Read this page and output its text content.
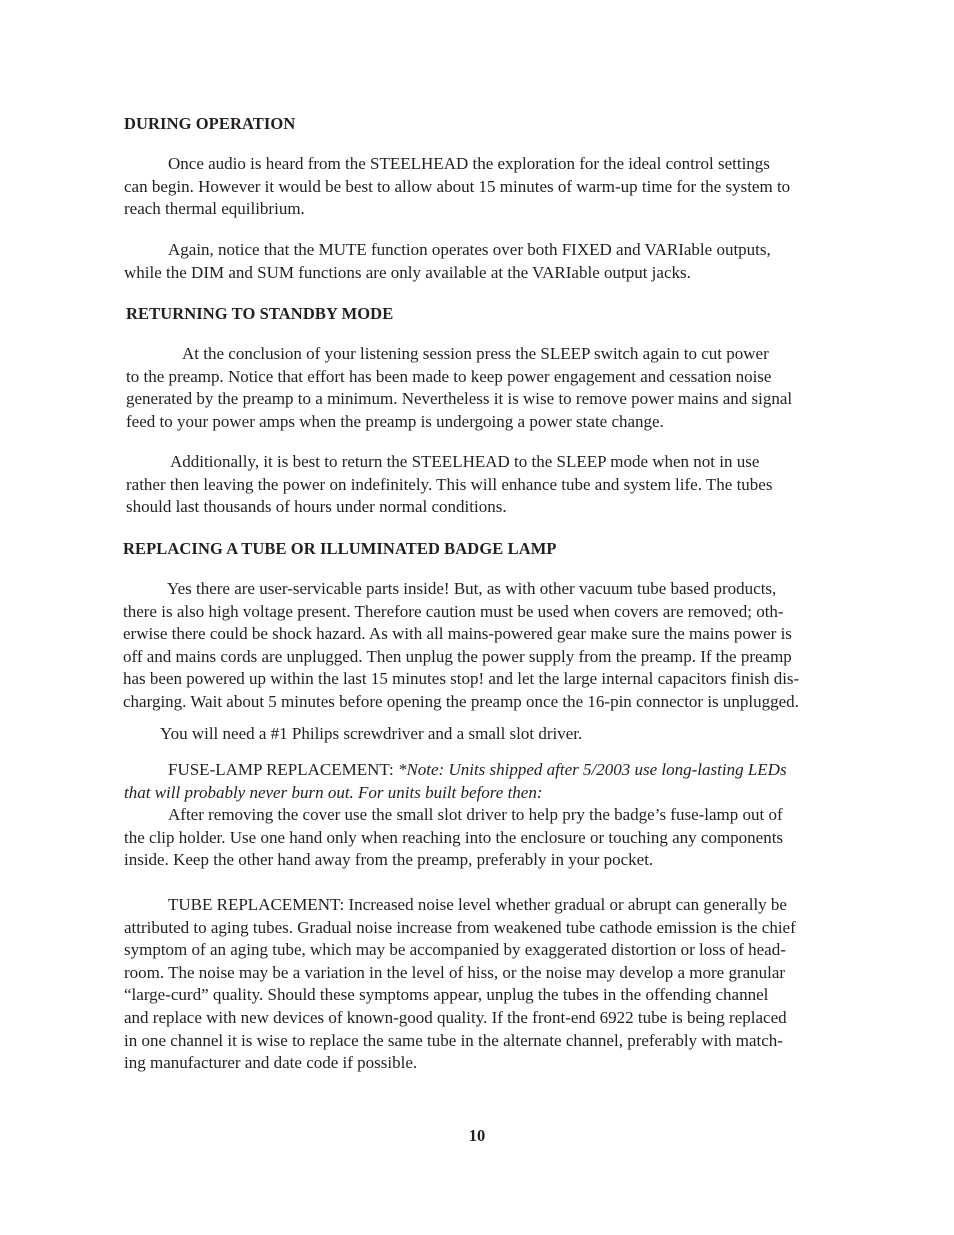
DURING OPERATION

Once audio is heard from the STEELHEAD the exploration for the ideal control settings
can begin. However it would be best to allow about 15 minutes of warm-up time for the system to
reach thermal equilibrium.

Again, notice that the MUTE function operates over both FIXED and VARIable outputs,
while the DIM and SUM functions are only available at the VARIable output jacks.

RETURNING TO STANDBY MODE

At the conclusion of your listening session press the SLEEP switch again to cut power
to the preamp. Notice that effort has been made to keep power engagement and cessation noise
generated by the preamp to a minimum. Nevertheless it is wise to remove power mains and signal
feed to your power amps when the preamp is undergoing a power state change.

Additionally, it is best to return the STEELHEAD to the SLEEP mode when not in use
rather then leaving the power on indefinitely. This will enhance tube and system life. The tubes
should last thousands of hours under normal conditions.

REPLACING A TUBE OR ILLUMINATED BADGE LAMP

Yes there are user-servicable parts inside! But, as with other vacuum tube based products,
there is also high voltage present. Therefore caution must be used when covers are removed; oth-
erwise there could be shock hazard. As with all mains-powered gear make sure the mains power is
off and mains cords are unplugged. Then unplug the power supply from the preamp. If the preamp
has been powered up within the last 15 minutes stop! and let the large internal capacitors finish dis-
charging. Wait about 5 minutes before opening the preamp once the 16-pin connector is unplugged.

You will need a #1 Philips screwdriver and a small slot driver.

FUSE-LAMP REPLACEMENT: *Note: Units shipped after 5/2003 use long-lasting LEDs
that will probably never burn out. For units built before then:
After removing the cover use the small slot driver to help pry the badge’s fuse-lamp out of
the clip holder. Use one hand only when reaching into the enclosure or touching any components
inside. Keep the other hand away from the preamp, preferably in your pocket.

TUBE REPLACEMENT: Increased noise level whether gradual or abrupt can generally be
attributed to aging tubes. Gradual noise increase from weakened tube cathode emission is the chief
symptom of an aging tube, which may be accompanied by exaggerated distortion or loss of head-
room. The noise may be a variation in the level of hiss, or the noise may develop a more granular
“large-curd” quality. Should these symptoms appear, unplug the tubes in the offending channel
and replace with new devices of known-good quality. If the front-end 6922 tube is being replaced
in one channel it is wise to replace the same tube in the alternate channel, preferably with match-
ing manufacturer and date code if possible.

10
